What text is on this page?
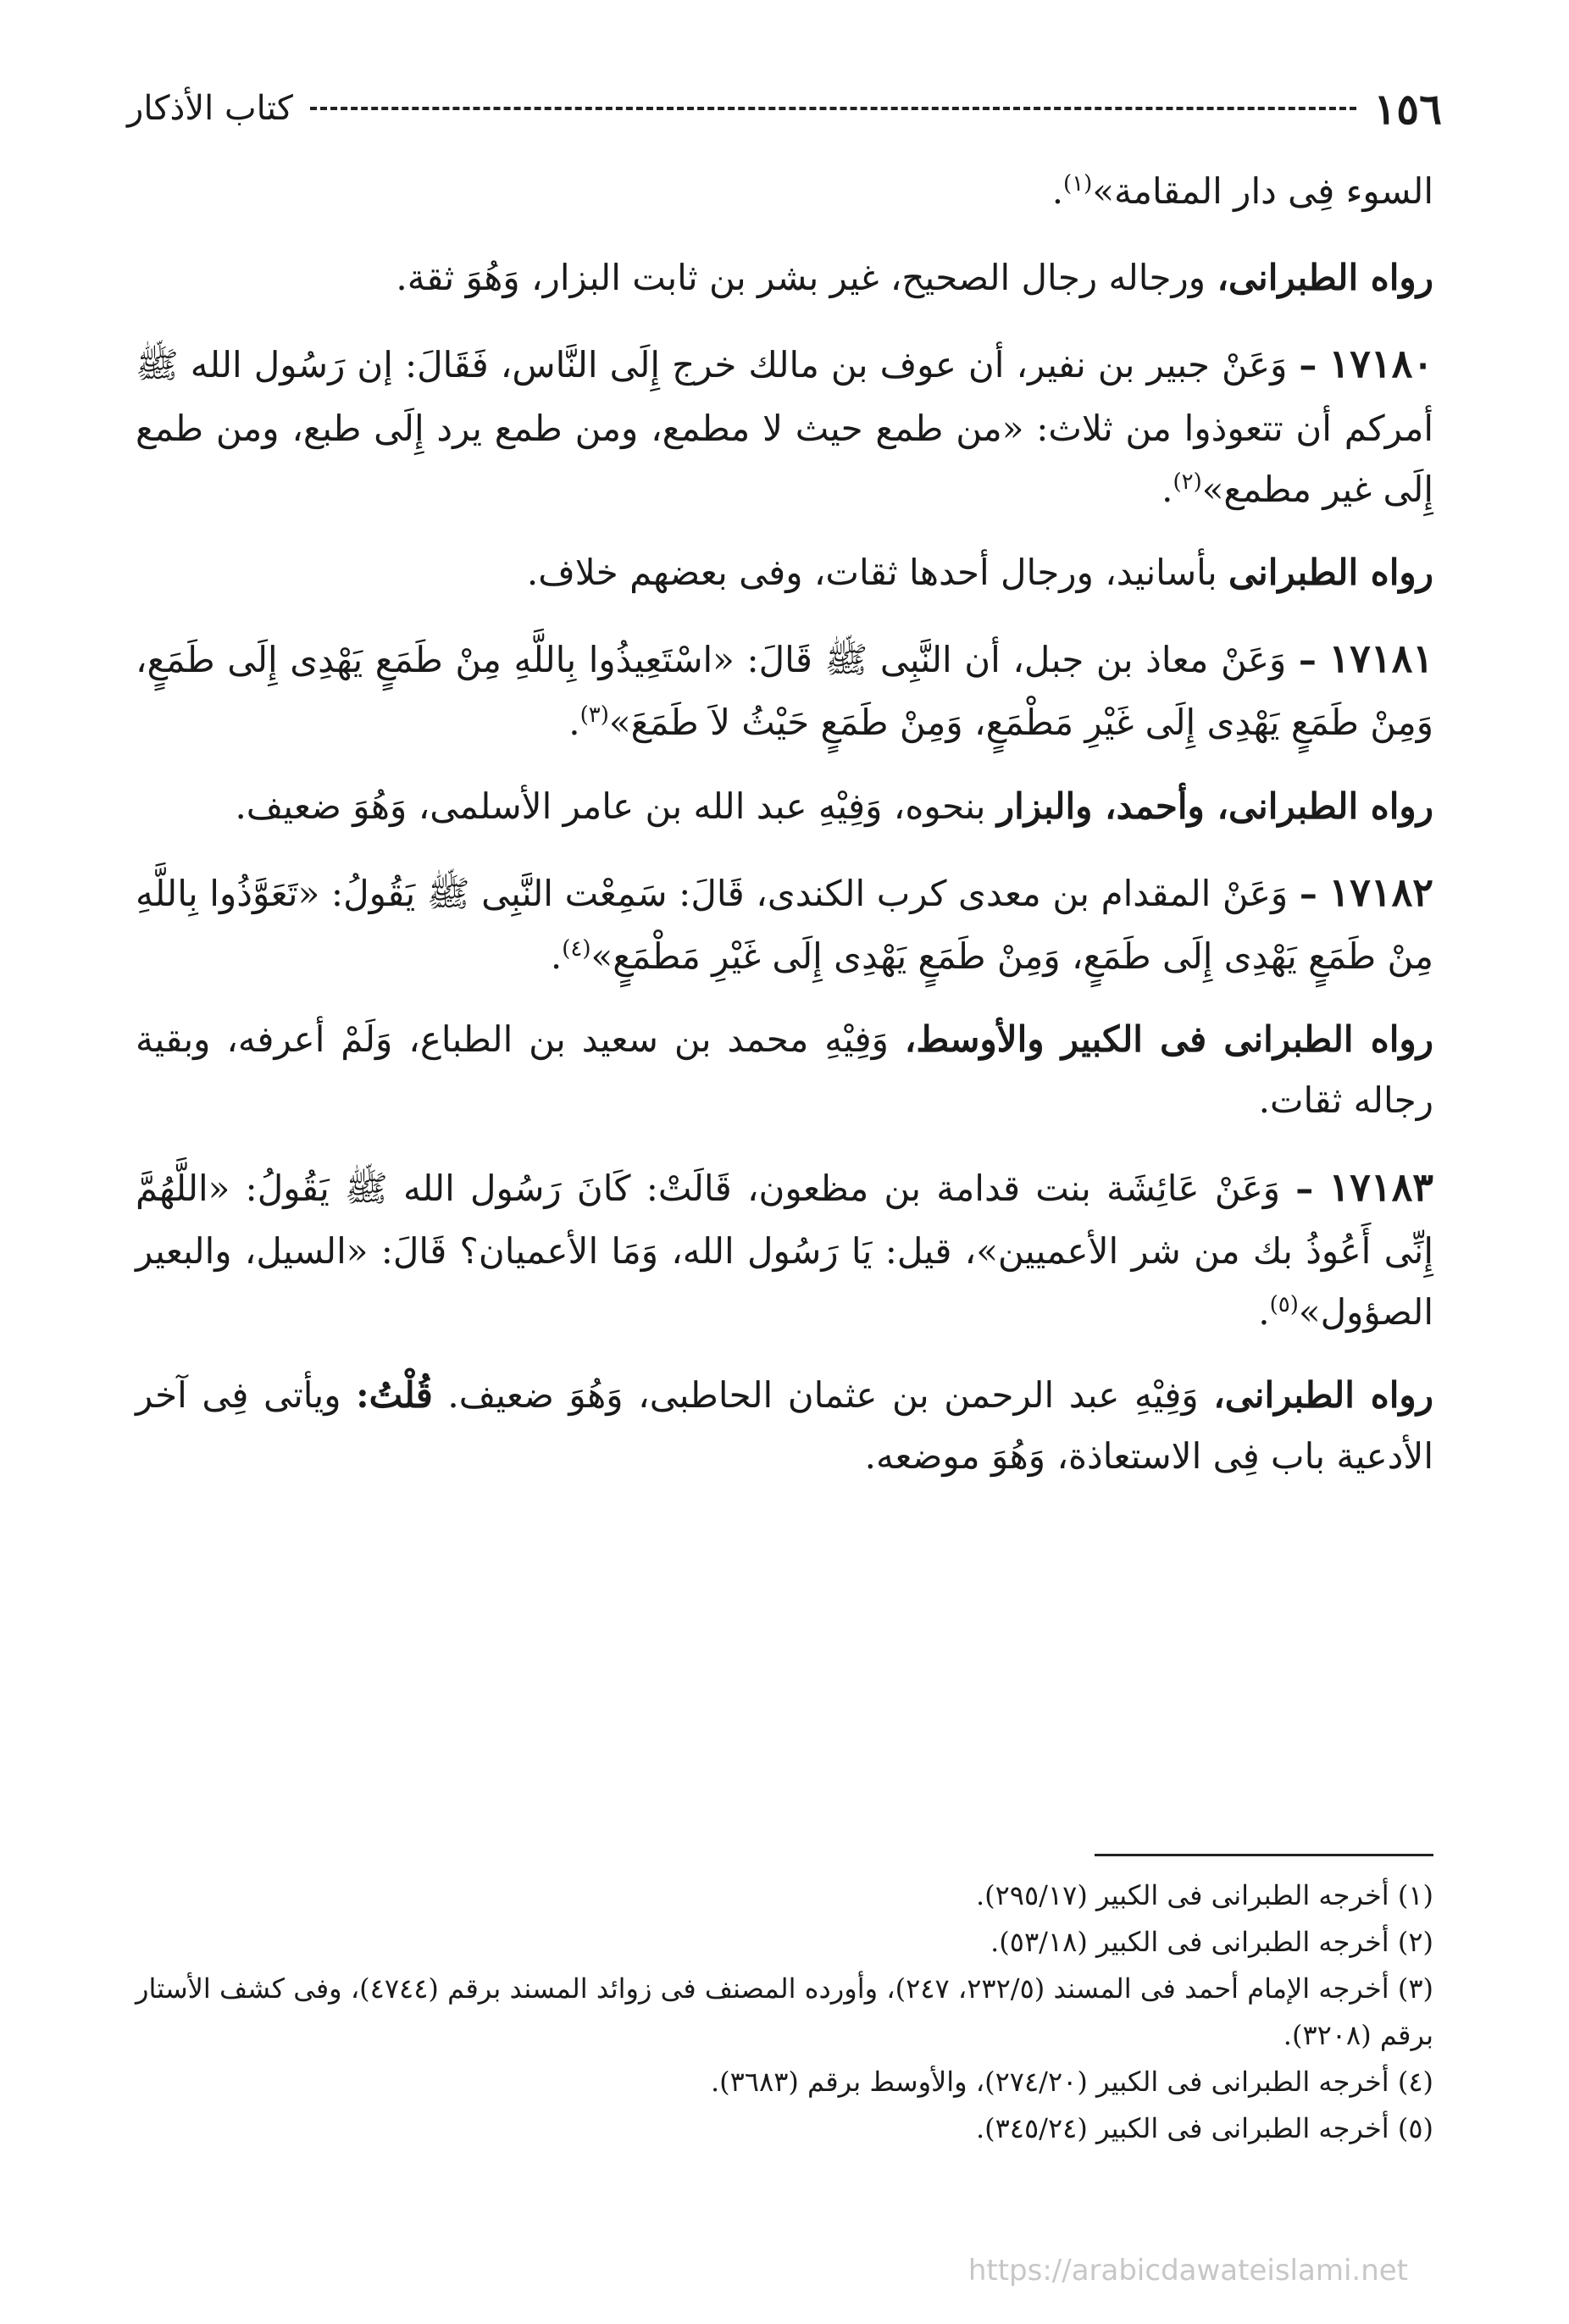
١٥٦
كتاب الأذكار

السوء فِى دار المقامة»$^{(١)}$.

رواه الطبرانى، ورجاله رجال الصحيح، غير بشر بن ثابت البزار، وَهُوَ ثقة.

١٧١٨٠ – وَعَنْ جبير بن نفير، أن عوف بن مالك خرج إِلَى النَّاس، فَقَالَ: إن رَسُول الله ﷺ أمركم أن تتعوذوا من ثلاث: «من طمع حيث لا مطمع، ومن طمع يرد إِلَى طبع، ومن طمع إِلَى غير مطمع»$^{(٢)}$.

رواه الطبرانى بأسانيد، ورجال أحدها ثقات، وفى بعضهم خلاف.

١٧١٨١ – وَعَنْ معاذ بن جبل، أن النَّبِى ﷺ قَالَ: «اسْتَعِيذُوا بِاللَّهِ مِنْ طَمَعٍ يَهْدِى إِلَى طَمَعٍ، وَمِنْ طَمَعٍ يَهْدِى إِلَى غَيْرِ مَطْمَعٍ، وَمِنْ طَمَعٍ حَيْثُ لاَ طَمَعَ»$^{(٣)}$.

رواه الطبرانى، وأحمد، والبزار بنحوه، وَفِيْهِ عبد الله بن عامر الأسلمى، وَهُوَ ضعيف.

١٧١٨٢ – وَعَنْ المقدام بن معدى كرب الكندى، قَالَ: سَمِعْت النَّبِى ﷺ يَقُولُ: «تَعَوَّذُوا بِاللَّهِ مِنْ طَمَعٍ يَهْدِى إِلَى طَمَعٍ، وَمِنْ طَمَعٍ يَهْدِى إِلَى غَيْرِ مَطْمَعٍ»$^{(٤)}$.

رواه الطبرانى فى الكبير والأوسط، وَفِيْهِ محمد بن سعيد بن الطباع، وَلَمْ أعرفه، وبقية رجاله ثقات.

١٧١٨٣ – وَعَنْ عَائِشَة بنت قدامة بن مظعون، قَالَتْ: كَانَ رَسُول الله ﷺ يَقُولُ: «اللَّهُمَّ إِنِّى أَعُوذُ بك من شر الأعميين»، قيل: يَا رَسُول الله، وَمَا الأعميان؟ قَالَ: «السيل، والبعير الصؤول»$^{(٥)}$.

رواه الطبرانى، وَفِيْهِ عبد الرحمن بن عثمان الحاطبى، وَهُوَ ضعيف. قُلْتُ: ويأتى فِى آخر الأدعية باب فِى الاستعاذة، وَهُوَ موضعه.

(١) أخرجه الطبرانى فى الكبير (٢٩٥/١٧).

(٢) أخرجه الطبرانى فى الكبير (٥٣/١٨).

(٣) أخرجه الإمام أحمد فى المسند (٢٣٢/٥، ٢٤٧)، وأورده المصنف فى زوائد المسند برقم (٤٧٤٤)، وفى كشف الأستار برقم (٣٢٠٨).

(٤) أخرجه الطبرانى فى الكبير (٢٧٤/٢٠)، والأوسط برقم (٣٦٨٣).

(٥) أخرجه الطبرانى فى الكبير (٣٤٥/٢٤).

https://arabicdawateislami.net
